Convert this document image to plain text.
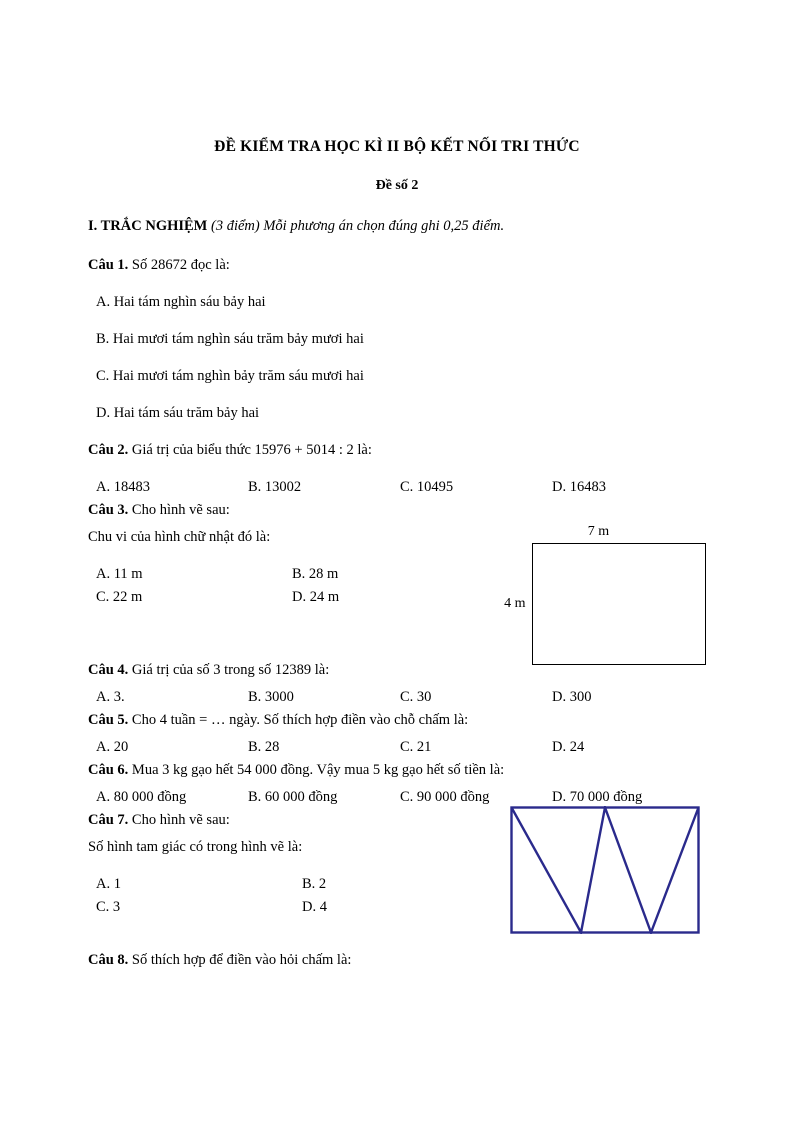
ĐỀ KIỂM TRA HỌC KÌ II BỘ KẾT NỐI TRI THỨC
Đề số 2
I. TRẮC NGHIỆM (3 điểm) Mỗi phương án chọn đúng ghi 0,25 điểm.
Câu 1. Số 28672 đọc là:
A. Hai tám nghìn sáu bảy hai
B. Hai mươi tám nghìn sáu trăm bảy mươi hai
C. Hai mươi tám nghìn bảy trăm sáu mươi hai
D. Hai tám sáu trăm bảy hai
Câu 2. Giá trị của biểu thức 15976 + 5014 : 2 là:
A. 18483	B. 13002	C. 10495	D. 16483
Câu 3. Cho hình vẽ sau:
Chu vi của hình chữ nhật đó là:
A. 11 m	B. 28 m
C. 22 m	D. 24 m
7 m
4 m
Câu 4. Giá trị của số 3 trong số 12389 là:
A. 3.	B. 3000	C. 30	D. 300
Câu 5. Cho 4 tuần = … ngày. Số thích hợp điền vào chỗ chấm là:
A. 20	B. 28	C. 21	D. 24
Câu 6. Mua 3 kg gạo hết 54 000 đồng. Vậy mua 5 kg gạo hết số tiền là:
A. 80 000 đồng	B. 60 000 đồng	C. 90 000 đồng	D. 70 000 đồng
Câu 7. Cho hình vẽ sau:
Số hình tam giác có trong hình vẽ là:
A. 1	B. 2
C. 3	D. 4
Câu 8. Số thích hợp để điền vào hỏi chấm là:
